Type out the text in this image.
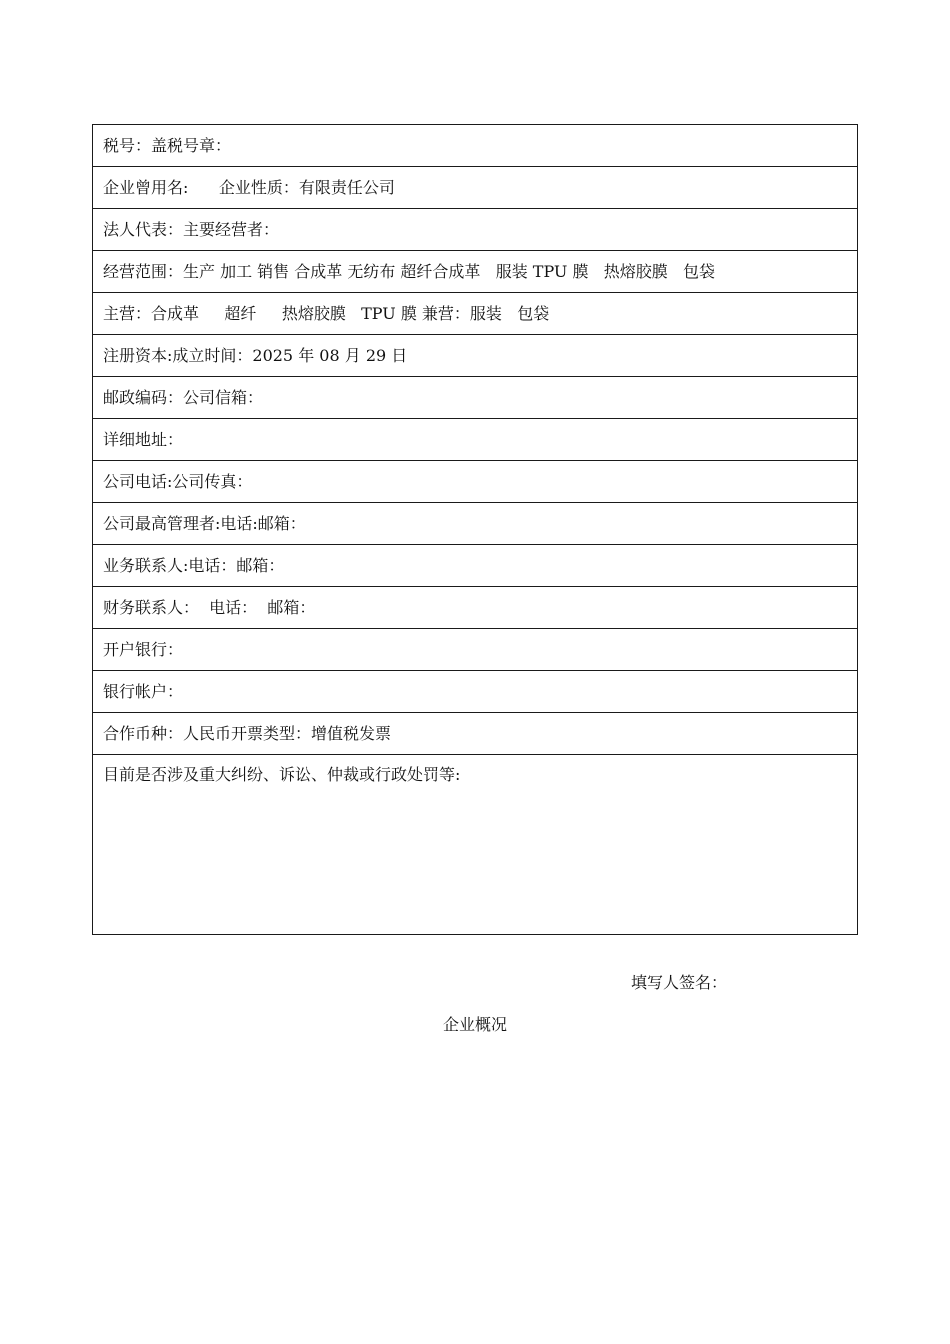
税号：盖税号章：
企业曾用名:      企业性质：有限责任公司
法人代表：主要经营者：
经营范围：生产 加工 销售 合成革 无纺布 超纤合成革   服装 TPU 膜   热熔胶膜   包袋
主营：合成革     超纤     热熔胶膜   TPU 膜 兼营：服装   包袋
注册资本:成立时间：2025 年 08 月 29 日
邮政编码：公司信箱：
详细地址：
公司电话:公司传真：
公司最高管理者:电话:邮箱：
业务联系人:电话：邮箱：
财务联系人：  电话：  邮箱：
开户银行：
银行帐户：
合作币种：人民币开票类型：增值税发票
目前是否涉及重大纠纷、诉讼、仲裁或行政处罚等:
填写人签名：
企业概况
